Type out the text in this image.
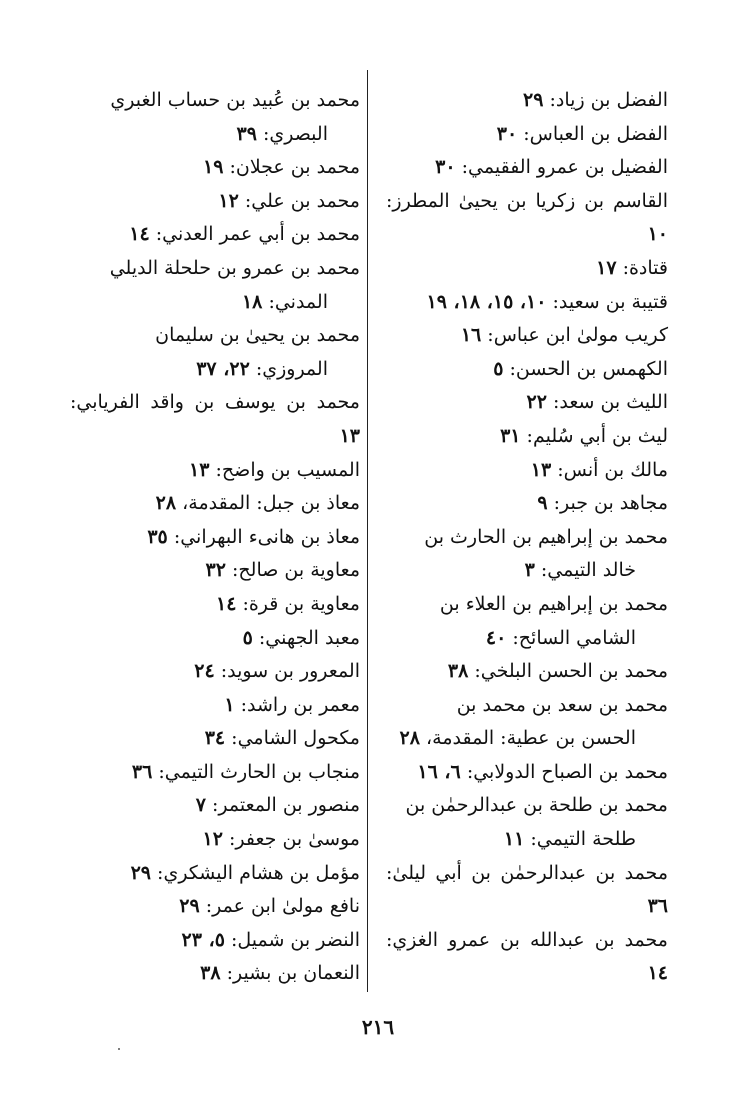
الفضل بن زياد: ٢٩

الفضل بن العباس: ٣٠

الفضيل بن عمرو الفقيمي: ٣٠

القاسم بن زكريا بن يحيىٰ المطرز: ١٠

قتادة: ١٧

قتيبة بن سعيد: ١٠، ١٥، ١٨، ١٩

كريب مولىٰ ابن عباس: ١٦

الكهمس بن الحسن: ٥

الليث بن سعد: ٢٢

ليث بن أبي سُليم: ٣١

مالك بن أنس: ١٣

مجاهد بن جبر: ٩

محمد بن إبراهيم بن الحارث بن
خالد التيمي: ٣

محمد بن إبراهيم بن العلاء بن
الشامي السائح: ٤٠

محمد بن الحسن البلخي: ٣٨

محمد بن سعد بن محمد بن
الحسن بن عطية: المقدمة، ٢٨

محمد بن الصباح الدولابي: ٦، ١٦

محمد بن طلحة بن عبدالرحمٰن بن
طلحة التيمي: ١١

محمد بن عبدالرحمٰن بن أبي ليلىٰ: ٣٦

محمد بن عبدالله بن عمرو الغزي: ١٤

محمد بن عُبيد بن حساب الغبري
البصري: ٣٩

محمد بن عجلان: ١٩

محمد بن علي: ١٢

محمد بن أبي عمر العدني: ١٤

محمد بن عمرو بن حلحلة الديلي
المدني: ١٨

محمد بن يحيىٰ بن سليمان
المروزي: ٢٢، ٣٧

محمد بن يوسف بن واقد الفريابي: ١٣

المسيب بن واضح: ١٣

معاذ بن جبل: المقدمة، ٢٨

معاذ بن هانىء البهراني: ٣٥

معاوية بن صالح: ٣٢

معاوية بن قرة: ١٤

معبد الجهني: ٥

المعرور بن سويد: ٢٤

معمر بن راشد: ١

مكحول الشامي: ٣٤

منجاب بن الحارث التيمي: ٣٦

منصور بن المعتمر: ٧

موسىٰ بن جعفر: ١٢

مؤمل بن هشام اليشكري: ٢٩

نافع مولىٰ ابن عمر: ٢٩

النضر بن شميل: ٥، ٢٣

النعمان بن بشير: ٣٨

٢١٦
